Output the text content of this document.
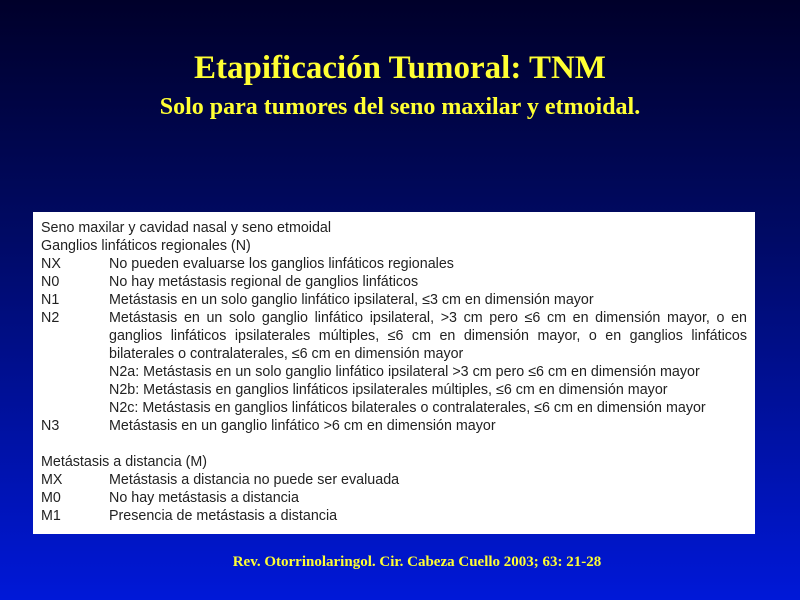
Etapificación Tumoral: TNM
Solo para tumores del seno maxilar y etmoidal.
Seno maxilar y cavidad nasal y seno etmoidal
Ganglios linfáticos regionales (N)
NX	No pueden evaluarse los ganglios linfáticos regionales
N0	No hay metástasis regional de ganglios linfáticos
N1	Metástasis en un solo ganglio linfático ipsilateral, ≤3 cm en dimensión mayor
N2	Metástasis en un solo ganglio linfático ipsilateral, >3 cm pero ≤6 cm en dimensión mayor, o en
ganglios linfáticos ipsilaterales múltiples, ≤6 cm en dimensión mayor, o en ganglios linfáticos
bilaterales o contralaterales, ≤6 cm en dimensión mayor
N2a: Metástasis en un solo ganglio linfático ipsilateral >3 cm pero ≤6 cm en dimensión mayor
N2b: Metástasis en ganglios linfáticos ipsilaterales múltiples, ≤6 cm en dimensión mayor
N2c: Metástasis en ganglios linfáticos bilaterales o contralaterales, ≤6 cm en dimensión mayor
N3	Metástasis en un ganglio linfático >6 cm en dimensión mayor
Metástasis a distancia (M)
MX	Metástasis a distancia no puede ser evaluada
M0	No hay metástasis a distancia
M1	Presencia de metástasis a distancia
Rev. Otorrinolaringol. Cir. Cabeza Cuello 2003; 63: 21-28
